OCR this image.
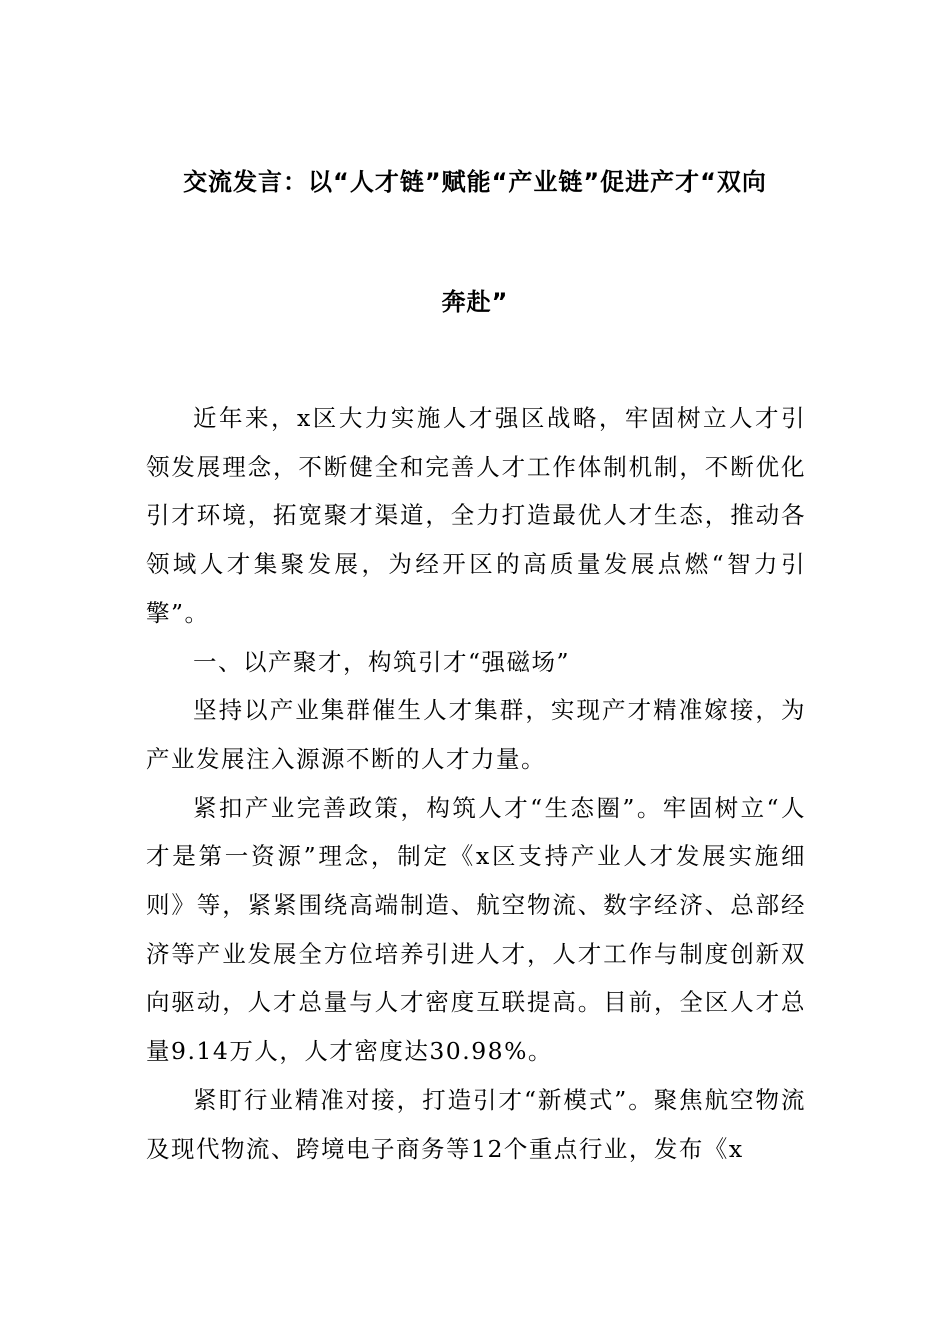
交流发言：以“人才链”赋能“产业链”促进产才“双向
奔赴”

近年来，x区大力实施人才强区战略，牢固树立人才引领发展理念，不断健全和完善人才工作体制机制，不断优化引才环境，拓宽聚才渠道，全力打造最优人才生态，推动各领域人才集聚发展，为经开区的高质量发展点燃“智力引擎”。

一、以产聚才，构筑引才“强磁场”

坚持以产业集群催生人才集群，实现产才精准嫁接，为产业发展注入源源不断的人才力量。

紧扣产业完善政策，构筑人才“生态圈”。牢固树立“人才是第一资源”理念，制定《x区支持产业人才发展实施细则》等，紧紧围绕高端制造、航空物流、数字经济、总部经济等产业发展全方位培养引进人才，人才工作与制度创新双向驱动，人才总量与人才密度互联提高。目前，全区人才总量9.14万人，人才密度达30.98%。

紧盯行业精准对接，打造引才“新模式”。聚焦航空物流及现代物流、跨境电子商务等12个重点行业，发布《x
